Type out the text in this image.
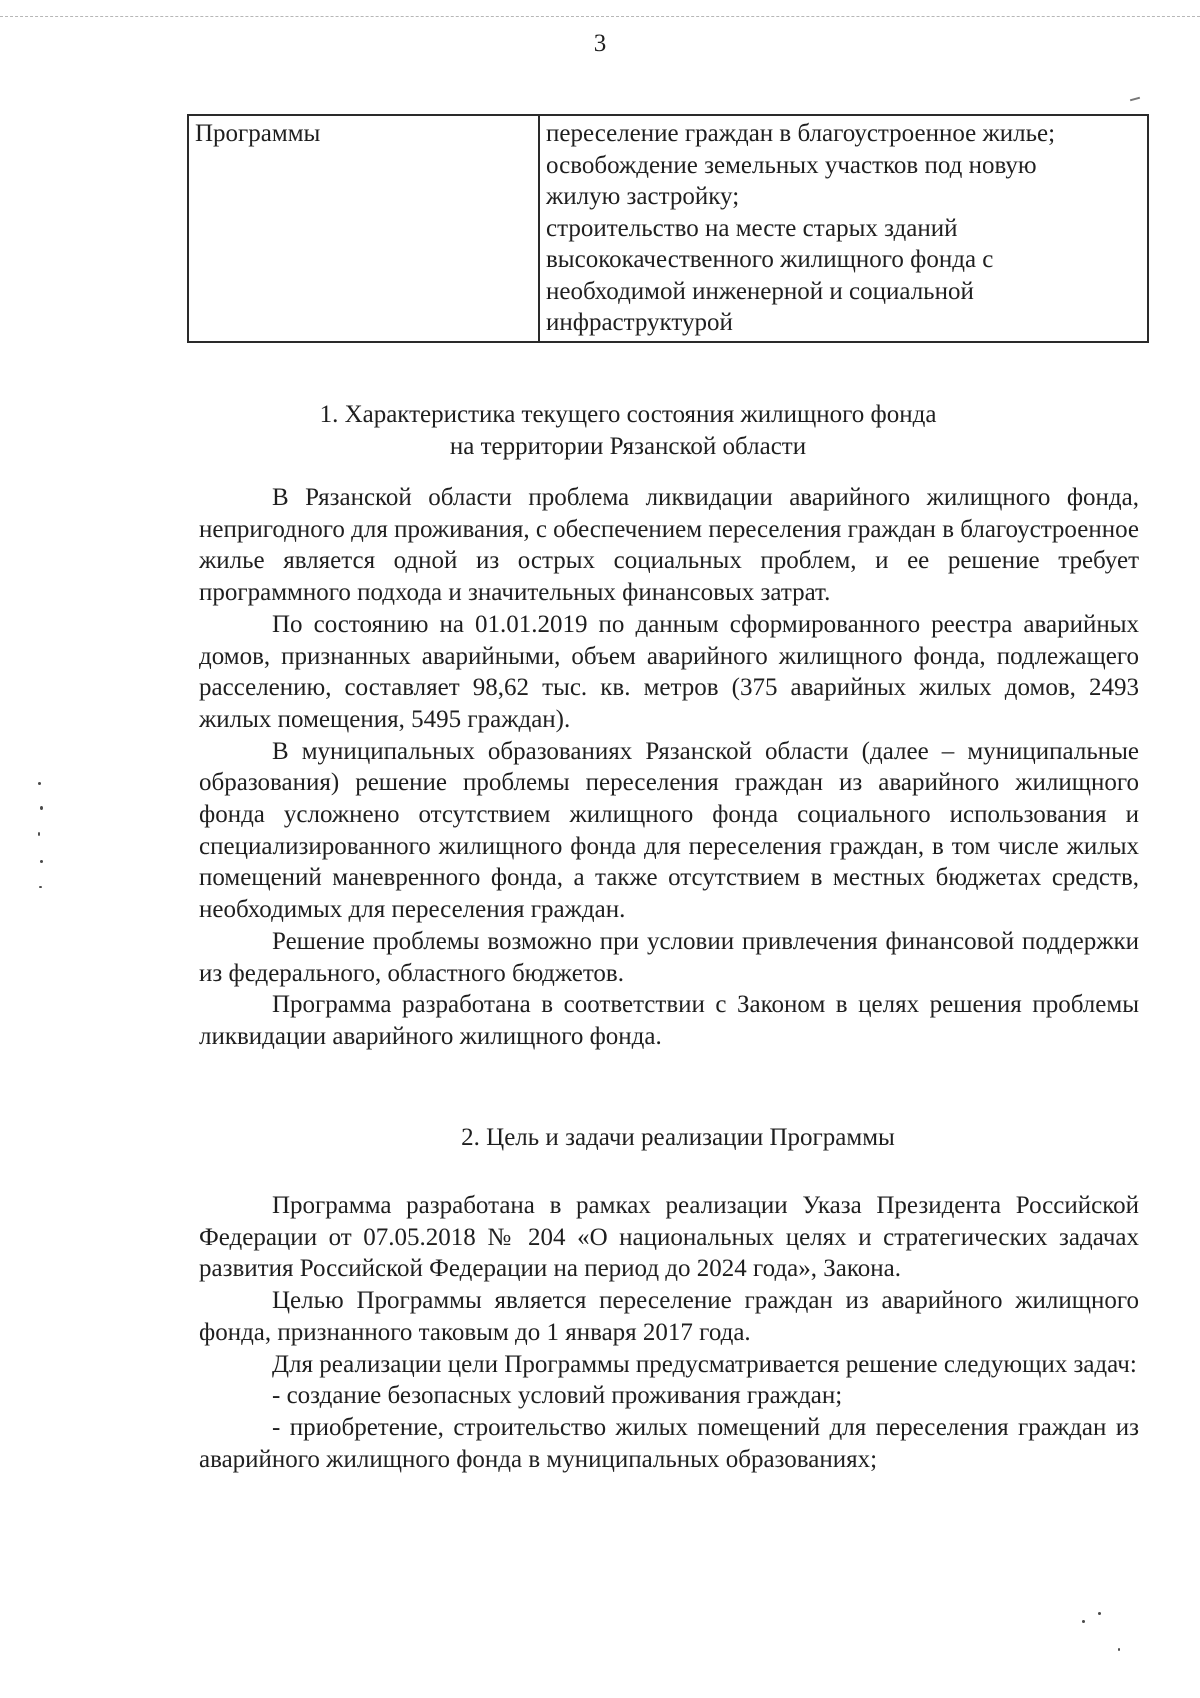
3
Программы	переселение граждан в благоустроенное жилье;
освобождение земельных участков под новую
жилую застройку;
строительство на месте старых зданий
высококачественного жилищного фонда с
необходимой инженерной и социальной
инфраструктурой
1. Характеристика текущего состояния жилищного фонда
на территории Рязанской области

В Рязанской области проблема ликвидации аварийного жилищного фонда, непригодного для проживания, с обеспечением переселения граждан в благоустроенное жилье является одной из острых социальных проблем, и ее решение требует программного подхода и значительных финансовых затрат.

По состоянию на 01.01.2019 по данным сформированного реестра аварийных домов, признанных аварийными, объем аварийного жилищного фонда, подлежащего расселению, составляет 98,62 тыс. кв. метров (375 аварийных жилых домов, 2493 жилых помещения, 5495 граждан).

В муниципальных образованиях Рязанской области (далее – муниципальные образования) решение проблемы переселения граждан из аварийного жилищного фонда усложнено отсутствием жилищного фонда социального использования и специализированного жилищного фонда для переселения граждан, в том числе жилых помещений маневренного фонда, а также отсутствием в местных бюджетах средств, необходимых для переселения граждан.

Решение проблемы возможно при условии привлечения финансовой поддержки из федерального, областного бюджетов.

Программа разработана в соответствии с Законом в целях решения проблемы ликвидации аварийного жилищного фонда.

2. Цель и задачи реализации Программы

Программа разработана в рамках реализации Указа Президента Российской Федерации от 07.05.2018 № 204 «О национальных целях и стратегических задачах развития Российской Федерации на период до 2024 года», Закона.

Целью Программы является переселение граждан из аварийного жилищного фонда, признанного таковым до 1 января 2017 года.

Для реализации цели Программы предусматривается решение следующих задач:

- создание безопасных условий проживания граждан;

- приобретение, строительство жилых помещений для переселения граждан из аварийного жилищного фонда в муниципальных образованиях;
